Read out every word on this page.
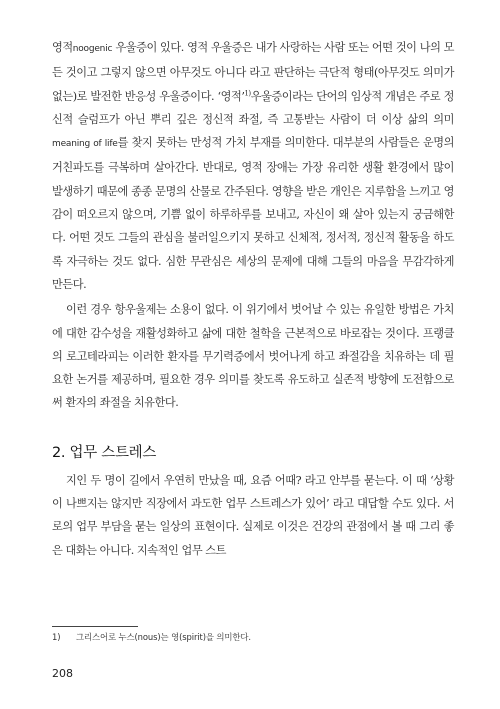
영적noogenic 우울증이 있다. 영적 우울증은 내가 사랑하는 사람 또는 어떤 것이 나의 모든 것이고 그렇지 않으면 아무것도 아니다 라고 판단하는 극단적 형태(아무것도 의미가 없는)로 발전한 반응성 우울증이다. ‘영적’$^{1)}$우울증이라는 단어의 임상적 개념은 주로 정신적 슬럼프가 아닌 뿌리 깊은 정신적 좌절, 즉 고통받는 사람이 더 이상 삶의 의미meaning of life를 찾지 못하는 만성적 가치 부재를 의미한다. 대부분의 사람들은 운명의 거친파도를 극복하며 살아간다. 반대로, 영적 장애는 가장 유리한 생활 환경에서 많이 발생하기 때문에 종종 문명의 산물로 간주된다. 영향을 받은 개인은 지루함을 느끼고 영감이 떠오르지 않으며, 기쁨 없이 하루하루를 보내고, 자신이 왜 살아 있는지 궁금해한다. 어떤 것도 그들의 관심을 불러일으키지 못하고 신체적, 정서적, 정신적 활동을 하도록 자극하는 것도 없다. 심한 무관심은 세상의 문제에 대해 그들의 마음을 무감각하게 만든다.

이런 경우 항우울제는 소용이 없다. 이 위기에서 벗어날 수 있는 유일한 방법은 가치에 대한 감수성을 재활성화하고 삶에 대한 철학을 근본적으로 바로잡는 것이다. 프랭클의 로고테라피는 이러한 환자를 무기력증에서 벗어나게 하고 좌절감을 치유하는 데 필요한 논거를 제공하며, 필요한 경우 의미를 찾도록 유도하고 실존적 방향에 도전함으로써 환자의 좌절을 치유한다.

2. 업무 스트레스

지인 두 명이 길에서 우연히 만났을 때, 요즘 어때? 라고 안부를 묻는다. 이 때 ‘상황이 나쁘지는 않지만 직장에서 과도한 업무 스트레스가 있어’ 라고 대답할 수도 있다. 서로의 업무 부담을 묻는 일상의 표현이다. 실제로 이것은 건강의 관점에서 볼 때 그리 좋은 대화는 아니다. 지속적인 업무 스트

1) 그리스어로 누스(nous)는 영(spirit)을 의미한다.
208
